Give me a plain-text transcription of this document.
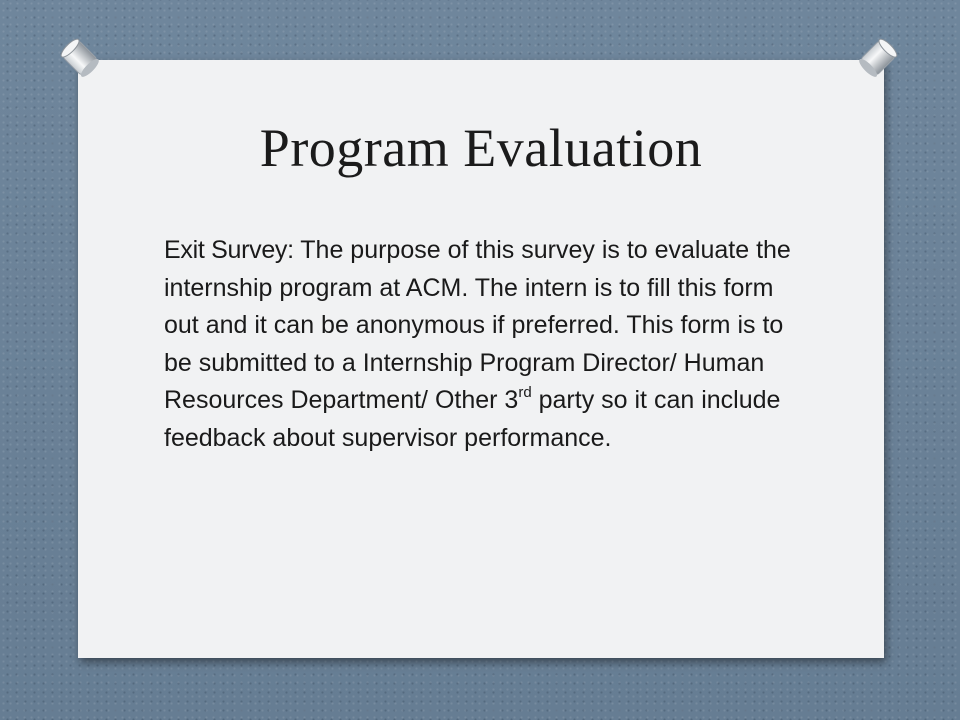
Program Evaluation

Exit Survey: The purpose of this survey is to evaluate the internship program at ACM. The intern is to fill this form out and it can be anonymous if preferred. This form is to be submitted to a Internship Program Director/ Human Resources Department/ Other 3rd party so it can include feedback about supervisor performance.
